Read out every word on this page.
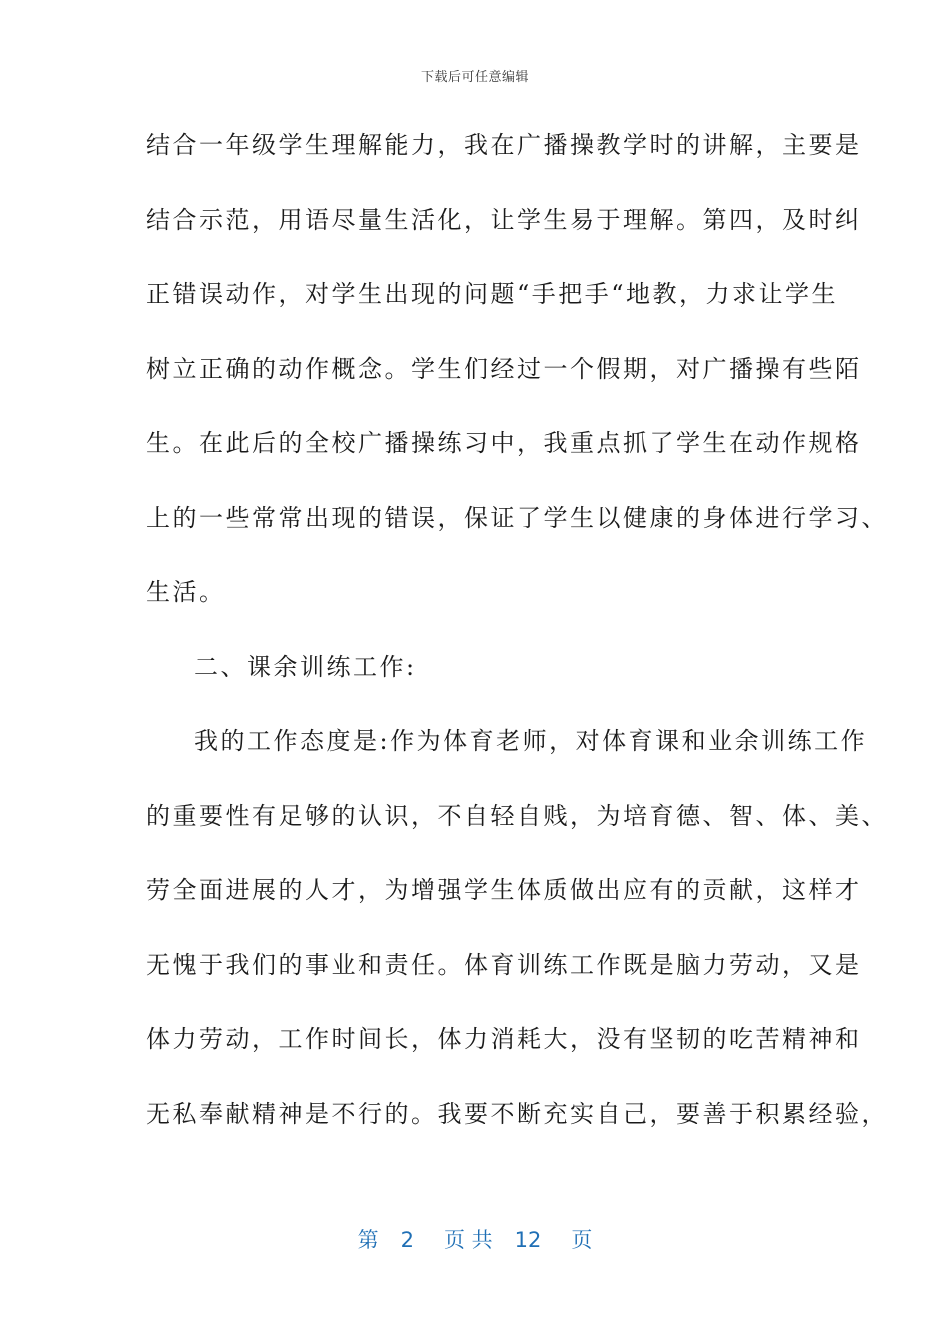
下载后可任意编辑
结合一年级学生理解能力，我在广播操教学时的讲解，主要是
结合示范，用语尽量生活化，让学生易于理解。第四，及时纠
正错误动作，对学生出现的问题“手把手“地教，力求让学生
树立正确的动作概念。学生们经过一个假期，对广播操有些陌
生。在此后的全校广播操练习中，我重点抓了学生在动作规格
上的一些常常出现的错误，保证了学生以健康的身体进行学习、
生活。
二、课余训练工作:
我的工作态度是:作为体育老师，对体育课和业余训练工作
的重要性有足够的认识，不自轻自贱，为培育德、智、体、美、
劳全面进展的人才，为增强学生体质做出应有的贡献，这样才
无愧于我们的事业和责任。体育训练工作既是脑力劳动，又是
体力劳动，工作时间长，体力消耗大，没有坚韧的吃苦精神和
无私奉献精神是不行的。我要不断充实自己，要善于积累经验，
第 2 页 共 12 页
